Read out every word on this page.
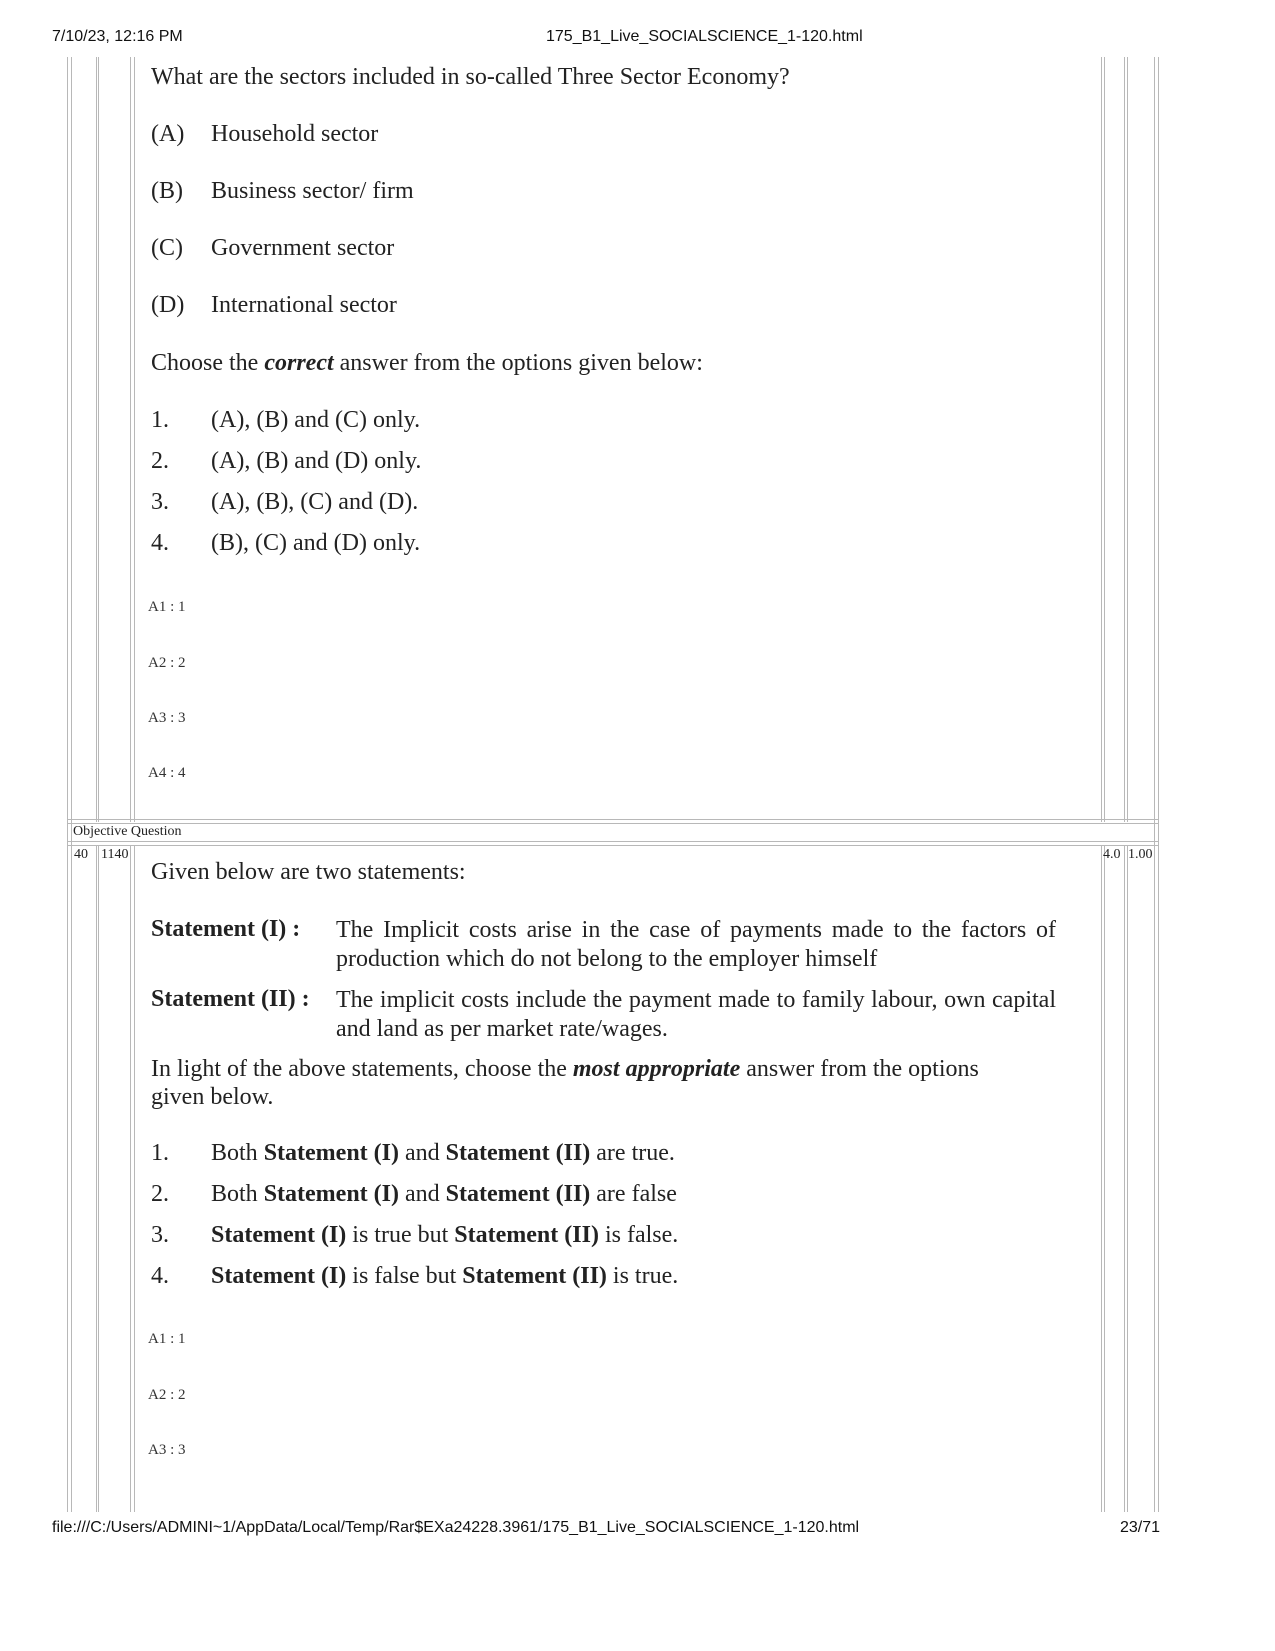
7/10/23, 12:16 PM	175_B1_Live_SOCIALSCIENCE_1-120.html
What are the sectors included in so-called Three Sector Economy?
(A) Household sector
(B) Business sector/ firm
(C) Government sector
(D) International sector
Choose the correct answer from the options given below:
1. (A), (B) and (C) only.
2. (A), (B) and (D) only.
3. (A), (B), (C) and (D).
4. (B), (C) and (D) only.
A1 : 1
A2 : 2
A3 : 3
A4 : 4
Objective Question
40 1140	4.0 1.00
Given below are two statements:
Statement (I) : The Implicit costs arise in the case of payments made to the factors of production which do not belong to the employer himself
Statement (II) : The implicit costs include the payment made to family labour, own capital and land as per market rate/wages.
In light of the above statements, choose the most appropriate answer from the options given below.
1. Both Statement (I) and Statement (II) are true.
2. Both Statement (I) and Statement (II) are false
3. Statement (I) is true but Statement (II) is false.
4. Statement (I) is false but Statement (II) is true.
A1 : 1
A2 : 2
A3 : 3
file:///C:/Users/ADMINI~1/AppData/Local/Temp/Rar$EXa24228.3961/175_B1_Live_SOCIALSCIENCE_1-120.html	23/71
